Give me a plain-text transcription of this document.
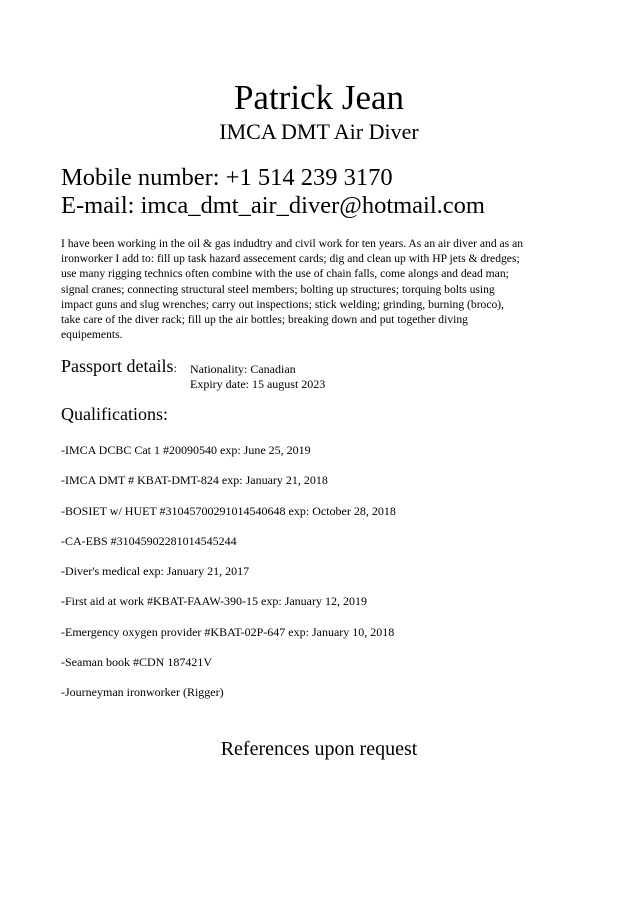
Patrick Jean
IMCA DMT Air Diver
Mobile number: +1 514 239 3170
E-mail: imca_dmt_air_diver@hotmail.com

I have been working in the oil & gas indudtry and civil work for ten years. As an air diver and as an
ironworker I add to: fill up task hazard assecement cards; dig and clean up with HP jets & dredges;
use many rigging technics often combine with the use of chain falls, come alongs and dead man;
signal cranes; connecting structural steel members; bolting up structures; torquing bolts using
impact guns and slug wrenches; carry out inspections; stick welding; grinding, burning (broco),
take care of the diver rack; fill up the air bottles; breaking down and put together diving
equipements.

Passport details: Nationality: Canadian
Expiry date: 15 august 2023
Qualifications:
-IMCA DCBC Cat 1 #20090540 exp: June 25, 2019
-IMCA DMT # KBAT-DMT-824 exp: January 21, 2018
-BOSIET w/ HUET #31045700291014540648 exp: October 28, 2018
-CA-EBS #31045902281014545244
-Diver's medical exp: January 21, 2017
-First aid at work #KBAT-FAAW-390-15 exp: January 12, 2019
-Emergency oxygen provider #KBAT-02P-647 exp: January 10, 2018
-Seaman book #CDN 187421V
-Journeyman ironworker (Rigger)
References upon request
